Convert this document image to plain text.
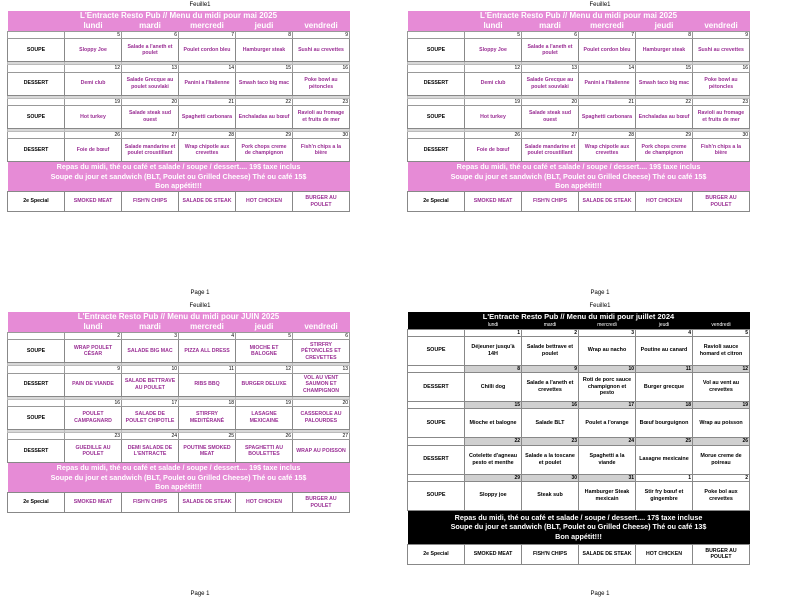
Feuille1	Feuille1
Page 1	Page 1
Feuille1	Feuille1
Page 1	Page 1
L'Entracte Resto Pub // Menu du midi pour mai 2025					
	lundi	mardi	mercredi	jeudi	vendredi
	5	6	7	8	9
SOUPE	Sloppy Joe	Salade a l'aneth et poulet	Poulet cordon bleu	Hamburger steak	Sushi au crevettes

	12	13	14	15	16
DESSERT	Demi club	Salade Grecque au poulet souvlaki	Panini a l'Italienne	Smash taco big mac	Poke bowl au pétoncles

	19	20	21	22	23
SOUPE	Hot turkey	Salade steak sud ouest	Spaghetti carbonara	Enchaladas au bœuf	Ravioli au fromage et fruits de mer

	26	27	28	29	30
DESSERT	Foie de bœuf	Salade mandarine et poulet croustillant	Wrap chipotle aux crevettes	Pork chops creme de champignon	Fish'n chips a la bière

Repas du midi, thé ou café et salade / soupe / dessert.... 19$ taxe inclus
Soupe du jour et sandwich (BLT, Poulet ou Grilled Cheese) Thé ou café 15$
Bon appétit!!!					

2e Special	SMOKED MEAT	FISH'N CHIPS	SALADE DE STEAK	HOT CHICKEN	BURGER AU POULET
L'Entracte Resto Pub // Menu du midi pour mai 2025					
	lundi	mardi	mercredi	jeudi	vendredi
	5	6	7	8	9
SOUPE	Sloppy Joe	Salade a l'aneth et poulet	Poulet cordon bleu	Hamburger steak	Sushi au crevettes

	12	13	14	15	16
DESSERT	Demi club	Salade Grecque au poulet souvlaki	Panini a l'Italienne	Smash taco big mac	Poke bowl au pétoncles

	19	20	21	22	23
SOUPE	Hot turkey	Salade steak sud ouest	Spaghetti carbonara	Enchaladas au bœuf	Ravioli au fromage et fruits de mer

	26	27	28	29	30
DESSERT	Foie de bœuf	Salade mandarine et poulet croustillant	Wrap chipotle aux crevettes	Pork chops creme de champignon	Fish'n chips a la bière

Repas du midi, thé ou café et salade / soupe / dessert.... 19$ taxe inclus
Soupe du jour et sandwich (BLT, Poulet ou Grilled Cheese) Thé ou café 15$
Bon appétit!!!					

2e Special	SMOKED MEAT	FISH'N CHIPS	SALADE DE STEAK	HOT CHICKEN	BURGER AU POULET
L'Entracte Resto Pub // Menu du midi pour JUIN 2025					
	lundi	mardi	mercredi	jeudi	vendredi
	2	3	4	5	6
SOUPE	WRAP POULET CÉSAR	SALADE BIG MAC	PIZZA ALL DRESS	MIOCHE ET BALOGNE	STIRFRY PÉTONCLES ET CREVETTES

	9	10	11	12	13
DESSERT	PAIN DE VIANDE	SALADE BETTRAVE AU POULET	RIBS BBQ	BURGER DELUXE	VOL AU VENT SAUMON ET CHAMPIGNON

	16	17	18	19	20
SOUPE	POULET CAMPAGNARD	SALADE DE POULET CHIPOTLE	STIRFRY MEDITÉRANÉ	LASAGNE MEXICAINE	CASSEROLE AU PALOURDES

	23	24	25	26	27
DESSERT	GUEDILLE AU POULET	DEMI SALADE DE L'ENTRACTE	POUTINE SMOKED MEAT	SPAGHETTI AU BOULETTES	WRAP AU POISSON

Repas du midi, thé ou café et salade / soupe / dessert.... 19$ taxe inclus
Soupe du jour et sandwich (BLT, Poulet ou Grilled Cheese) Thé ou café 15$
Bon appétit!!!					

2e Special	SMOKED MEAT	FISH'N CHIPS	SALADE DE STEAK	HOT CHICKEN	BURGER AU POULET
L'Entracte Resto Pub // Menu du midi pour juillet 2024					
	lundi	mardi	mercredi	jeudi	vendredi
	1	2	3	4	5
SOUPE	Déjeuner jusqu'à 14H	Salade bettrave et poulet	Wrap au nacho	Poutine au canard	Ravioli sauce homard et citron
	8	9	10	11	12
DESSERT	Chilli dog	Salade a l'aneth et crevettes	Roti de porc sauce champignon et pesto	Burger grecque	Vol au vent au crevettes
	15	16	17	18	19
SOUPE	Mioche et balogne	Salade BLT	Poulet a l'orange	Bœuf bourguignon	Wrap au poisson
	22	23	24	25	26
DESSERT	Cotelette d'agneau pesto et menthe	Salade a la toscane et poulet	Spaghetti a la viande	Lasagne mexicaine	Morue creme de poireau
	29	30	31	1	2
SOUPE	Sloppy joe	Steak sub	Hamburger Steak mexicain	Stir fry bœuf et gingembre	Poke bol aux crevettes

Repas du midi, thé ou café et salade / soupe / dessert.... 17$ taxe incluse
Soupe du jour et sandwich (BLT, Poulet ou Grilled Cheese) Thé ou café 13$
Bon appétit!!!					

2e Special	SMOKED MEAT	FISH'N CHIPS	SALADE DE STEAK	HOT CHICKEN	BURGER AU POULET
